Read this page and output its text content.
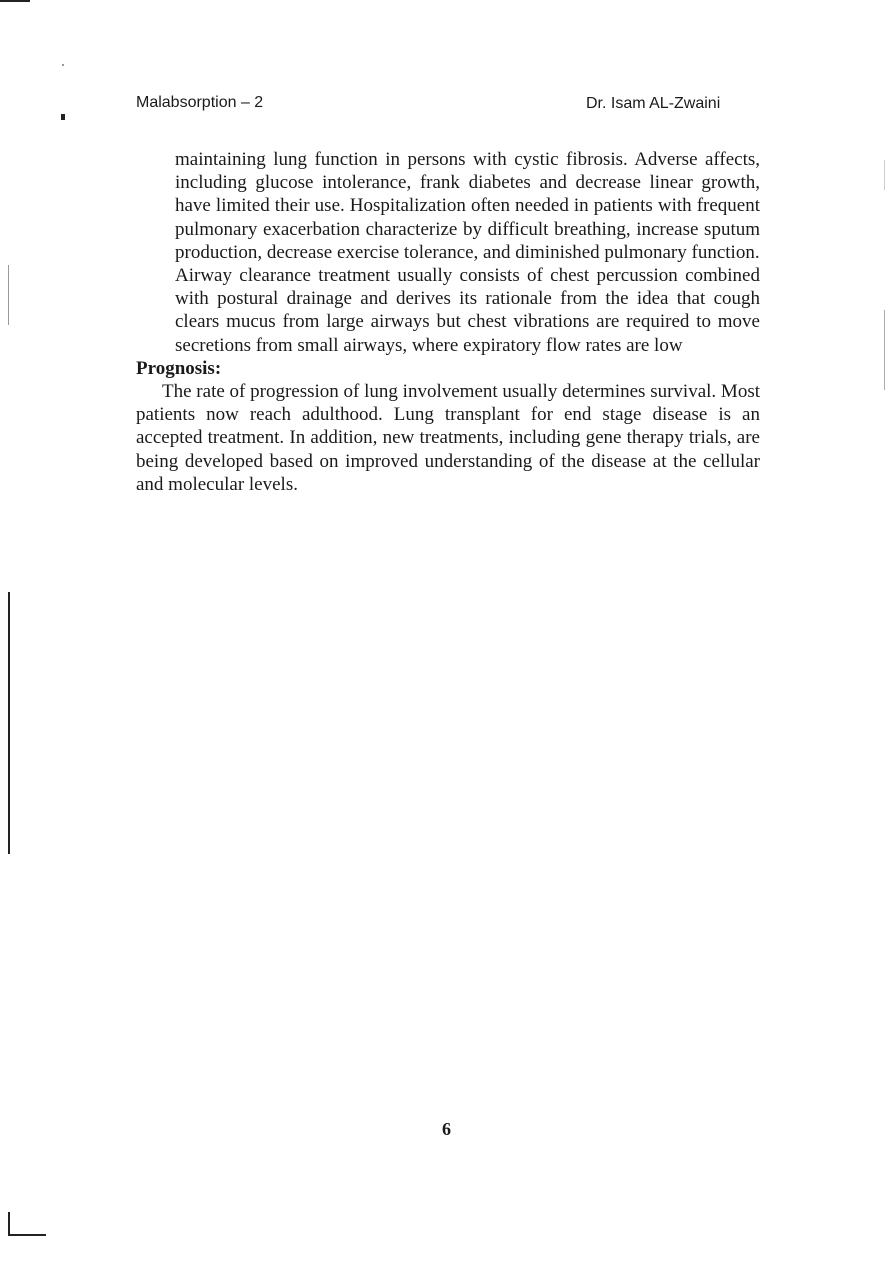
Malabsorption – 2	Dr. Isam AL-Zwaini

maintaining lung function in persons with cystic fibrosis. Adverse affects, including glucose intolerance, frank diabetes and decrease linear growth, have limited their use. Hospitalization often needed in patients with frequent pulmonary exacerbation characterize by difficult breathing, increase sputum production, decrease exercise tolerance, and diminished pulmonary function.

Airway clearance treatment usually consists of chest percussion combined with postural drainage and derives its rationale from the idea that cough clears mucus from large airways but chest vibrations are required to move secretions from small airways, where expiratory flow rates are low

Prognosis:

The rate of progression of lung involvement usually determines survival. Most patients now reach adulthood. Lung transplant for end stage disease is an accepted treatment. In addition, new treatments, including gene therapy trials, are being developed based on improved understanding of the disease at the cellular and molecular levels.

6
